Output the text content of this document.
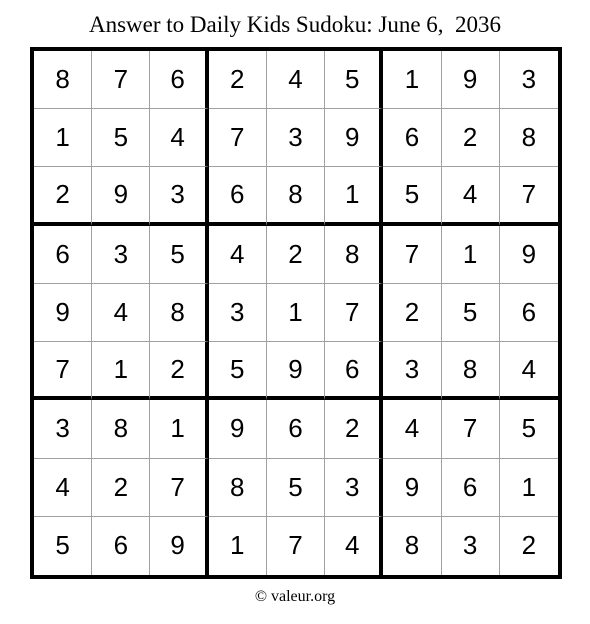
Answer to Daily Kids Sudoku: June 6,  2036
8	7	6	2	4	5	1	9	3
1	5	4	7	3	9	6	2	8
2	9	3	6	8	1	5	4	7
6	3	5	4	2	8	7	1	9
9	4	8	3	1	7	2	5	6
7	1	2	5	9	6	3	8	4
3	8	1	9	6	2	4	7	5
4	2	7	8	5	3	9	6	1
5	6	9	1	7	4	8	3	2
© valeur.org
